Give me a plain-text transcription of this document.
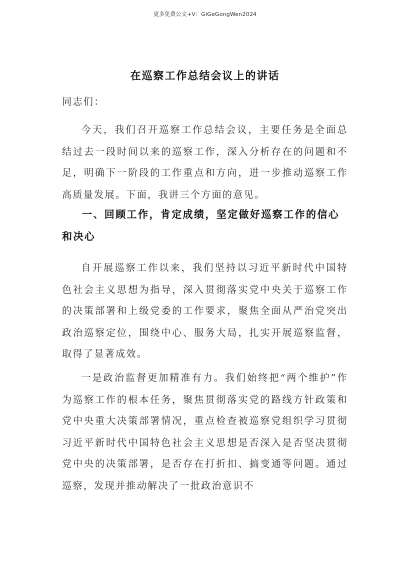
更多免费公文+V：GiGeGongWen2024
在巡察工作总结会议上的讲话
同志们：
今天，我们召开巡察工作总结会议，主要任务是全面总结过去一段时间以来的巡察工作，深入分析存在的问题和不足，明确下一阶段的工作重点和方向，进一步推动巡察工作高质量发展。下面，我讲三个方面的意见。
一、回顾工作，肯定成绩，坚定做好巡察工作的信心和决心
自开展巡察工作以来，我们坚持以习近平新时代中国特色社会主义思想为指导，深入贯彻落实党中央关于巡察工作的决策部署和上级党委的工作要求，聚焦全面从严治党突出政治巡察定位，围绕中心、服务大局，扎实开展巡察监督，取得了显著成效。
一是政治监督更加精准有力。我们始终把“两个维护”作为巡察工作的根本任务，聚焦贯彻落实党的路线方针政策和党中央重大决策部署情况，重点检查被巡察党组织学习贯彻习近平新时代中国特色社会主义思想是否深入是否坚决贯彻党中央的决策部署，是否存在打折扣、搞变通等问题。通过巡察，发现并推动解决了一批政治意识不
